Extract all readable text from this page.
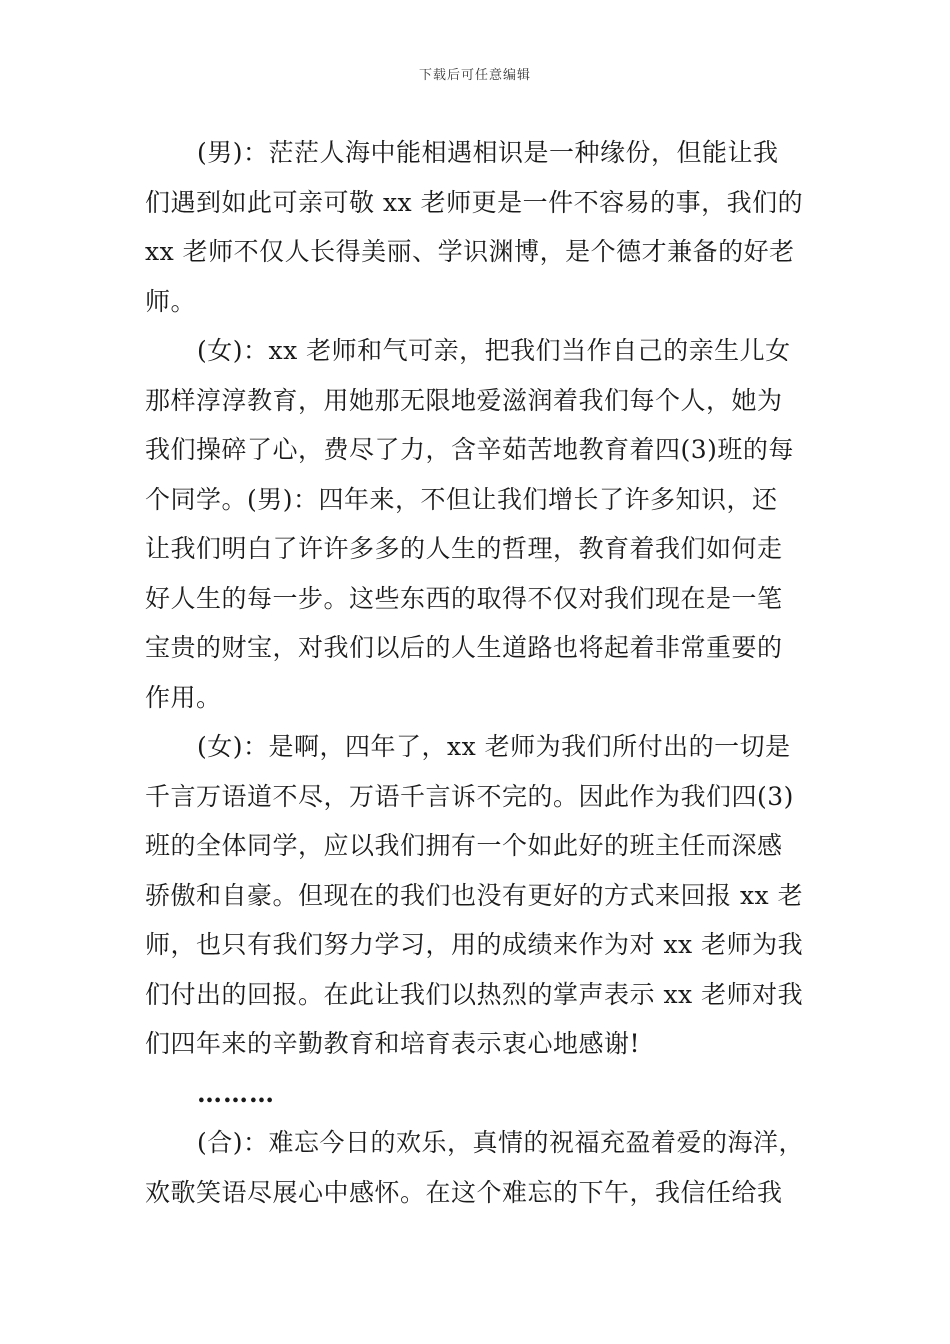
下载后可任意编辑
(男)：茫茫人海中能相遇相识是一种缘份，但能让我
们遇到如此可亲可敬 xx 老师更是一件不容易的事，我们的
xx 老师不仅人长得美丽、学识渊博，是个德才兼备的好老
师。
(女)：xx 老师和气可亲，把我们当作自己的亲生儿女
那样淳淳教育，用她那无限地爱滋润着我们每个人，她为
我们操碎了心，费尽了力，含辛茹苦地教育着四(3)班的每
个同学。(男)：四年来，不但让我们增长了许多知识，还
让我们明白了许许多多的人生的哲理，教育着我们如何走
好人生的每一步。这些东西的取得不仅对我们现在是一笔
宝贵的财宝，对我们以后的人生道路也将起着非常重要的
作用。
(女)：是啊，四年了，xx 老师为我们所付出的一切是
千言万语道不尽，万语千言诉不完的。因此作为我们四(3)
班的全体同学，应以我们拥有一个如此好的班主任而深感
骄傲和自豪。但现在的我们也没有更好的方式来回报 xx 老
师，也只有我们努力学习，用的成绩来作为对 xx 老师为我
们付出的回报。在此让我们以热烈的掌声表示 xx 老师对我
们四年来的辛勤教育和培育表示衷心地感谢!
………
(合)：难忘今日的欢乐，真情的祝福充盈着爱的海洋，
欢歌笑语尽展心中感怀。在这个难忘的下午，我信任给我
